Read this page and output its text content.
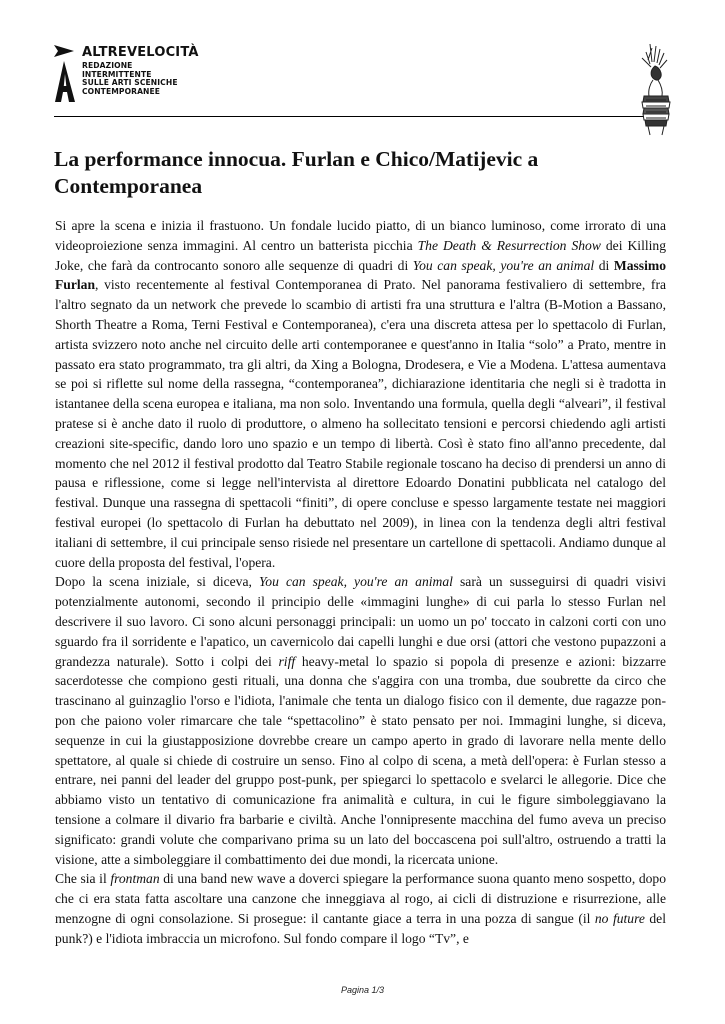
ALTREVELOCITÀ
REDAZIONE
INTERMITTENTE
SULLE ARTI SCENICHE
CONTEMPORANEE
La performance innocua. Furlan e Chico/Matijevic a Contemporanea

Si apre la scena e inizia il frastuono. Un fondale lucido piatto, di un bianco luminoso, come irrorato di una videoproiezione senza immagini. Al centro un batterista picchia The Death & Resurrection Show dei Killing Joke, che farà da controcanto sonoro alle sequenze di quadri di You can speak, you're an animal di Massimo Furlan, visto recentemente al festival Contemporanea di Prato. Nel panorama festivaliero di settembre, fra l'altro segnato da un network che prevede lo scambio di artisti fra una struttura e l'altra (B-Motion a Bassano, Shorth Theatre a Roma, Terni Festival e Contemporanea), c'era una discreta attesa per lo spettacolo di Furlan, artista svizzero noto anche nel circuito delle arti contemporanee e quest'anno in Italia “solo” a Prato, mentre in passato era stato programmato, tra gli altri, da Xing a Bologna, Drodesera, e Vie a Modena. L'attesa aumentava se poi si riflette sul nome della rassegna, “contemporanea”, dichiarazione identitaria che negli si è tradotta in istantanee della scena europea e italiana, ma non solo. Inventando una formula, quella degli “alveari”, il festival pratese si è anche dato il ruolo di produttore, o almeno ha sollecitato tensioni e percorsi chiedendo agli artisti creazioni site-specific, dando loro uno spazio e un tempo di libertà. Così è stato fino all'anno precedente, dal momento che nel 2012 il festival prodotto dal Teatro Stabile regionale toscano ha deciso di prendersi un anno di pausa e riflessione, come si legge nell'intervista al direttore Edoardo Donatini pubblicata nel catalogo del festival. Dunque una rassegna di spettacoli “finiti”, di opere concluse e spesso largamente testate nei maggiori festival europei (lo spettacolo di Furlan ha debuttato nel 2009), in linea con la tendenza degli altri festival italiani di settembre, il cui principale senso risiede nel presentare un cartellone di spettacoli. Andiamo dunque al cuore della proposta del festival, l'opera.

Dopo la scena iniziale, si diceva, You can speak, you're an animal sarà un susseguirsi di quadri visivi potenzialmente autonomi, secondo il principio delle «immagini lunghe» di cui parla lo stesso Furlan nel descrivere il suo lavoro. Ci sono alcuni personaggi principali: un uomo un po' toccato in calzoni corti con uno sguardo fra il sorridente e l'apatico, un cavernicolo dai capelli lunghi e due orsi (attori che vestono pupazzoni a grandezza naturale). Sotto i colpi dei riff heavy-metal lo spazio si popola di presenze e azioni: bizzarre sacerdotesse che compiono gesti rituali, una donna che s'aggira con una tromba, due soubrette da circo che trascinano al guinzaglio l'orso e l'idiota, l'animale che tenta un dialogo fisico con il demente, due ragazze pon-pon che paiono voler rimarcare che tale “spettacolino” è stato pensato per noi. Immagini lunghe, si diceva, sequenze in cui la giustapposizione dovrebbe creare un campo aperto in grado di lavorare nella mente dello spettatore, al quale si chiede di costruire un senso. Fino al colpo di scena, a metà dell'opera: è Furlan stesso a entrare, nei panni del leader del gruppo post-punk, per spiegarci lo spettacolo e svelarci le allegorie. Dice che abbiamo visto un tentativo di comunicazione fra animalità e cultura, in cui le figure simboleggiavano la tensione a colmare il divario fra barbarie e civiltà. Anche l'onnipresente macchina del fumo aveva un preciso significato: grandi volute che comparivano prima su un lato del boccascena poi sull'altro, ostruendo a tratti la visione, atte a simboleggiare il combattimento dei due mondi, la ricercata unione.

Che sia il frontman di una band new wave a doverci spiegare la performance suona quanto meno sospetto, dopo che ci era stata fatta ascoltare una canzone che inneggiava al rogo, ai cicli di distruzione e risurrezione, alle menzogne di ogni consolazione. Si prosegue: il cantante giace a terra in una pozza di sangue (il no future del punk?) e l'idiota imbraccia un microfono. Sul fondo compare il logo “Tv”, e

Pagina 1/3
